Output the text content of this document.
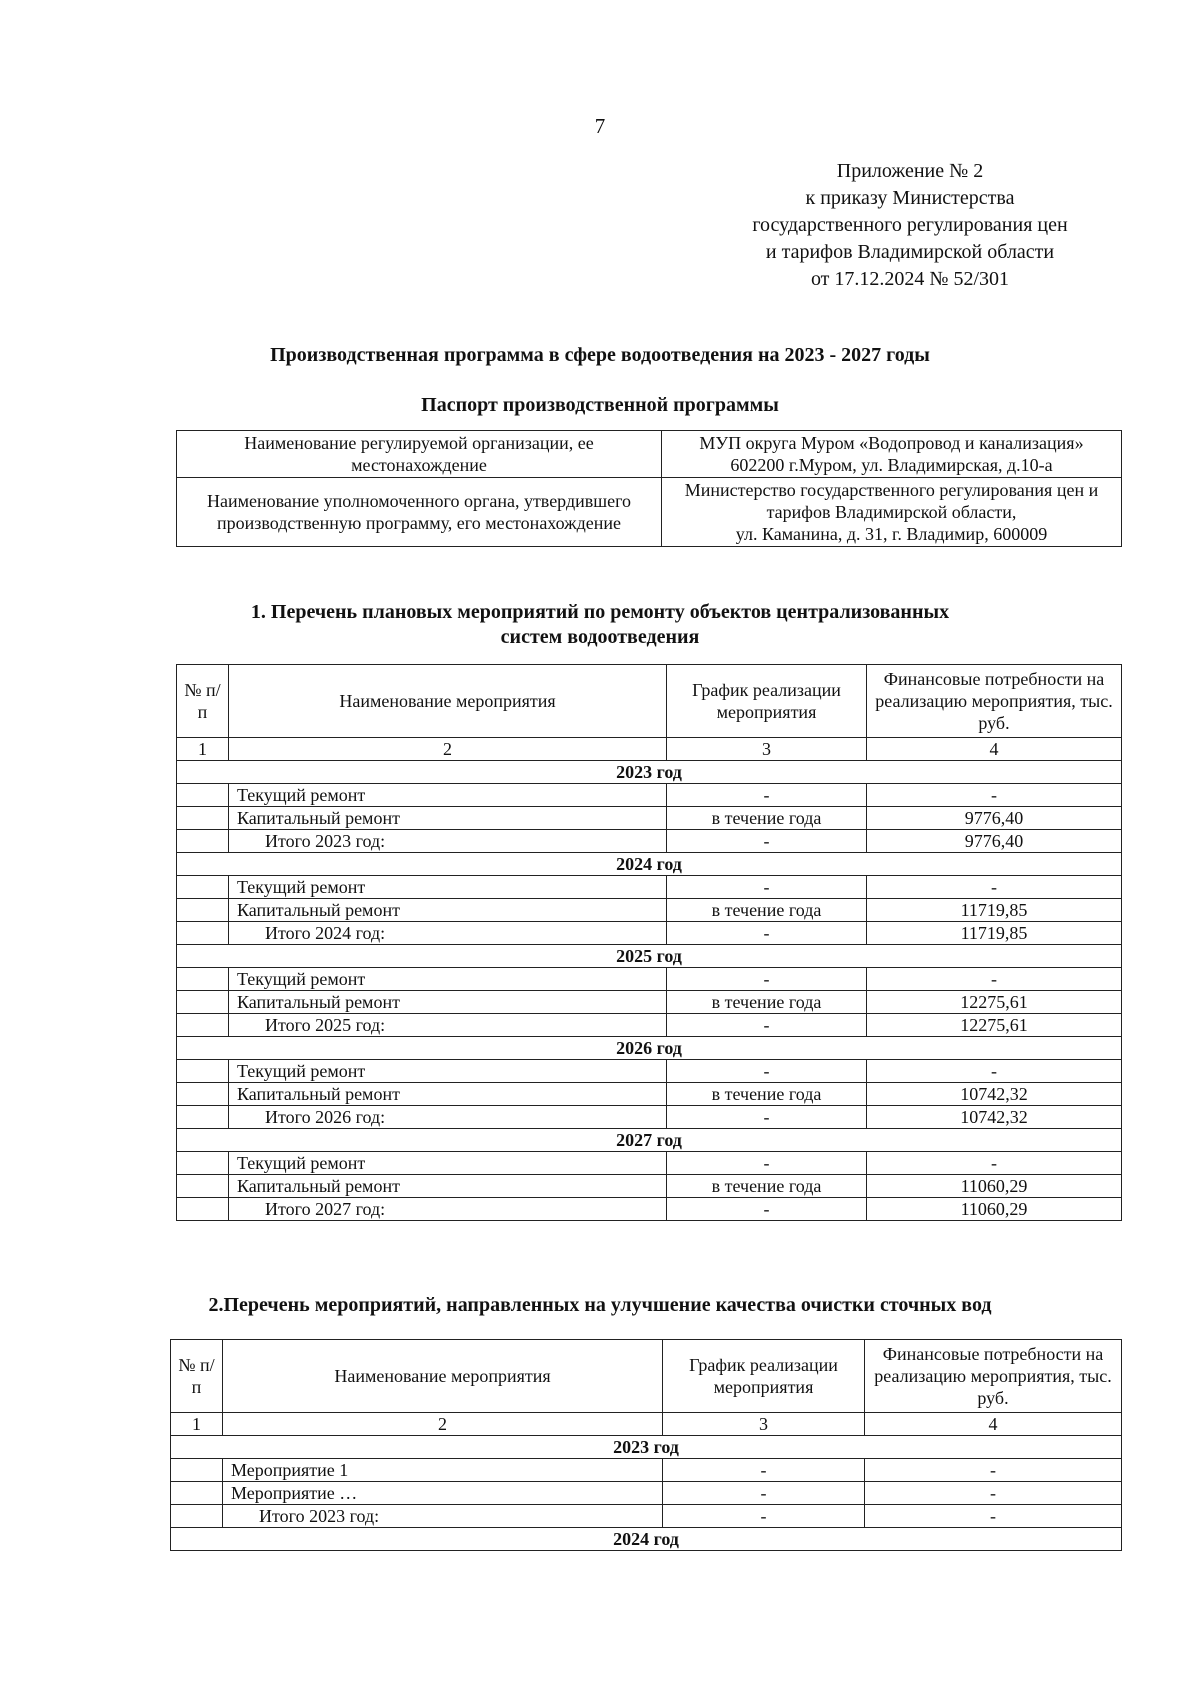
7
Приложение № 2
к приказу Министерства
государственного регулирования цен
и тарифов Владимирской области
от 17.12.2024 № 52/301
Производственная программа в сфере водоотведения на 2023 - 2027 годы
Паспорт производственной программы
Наименование регулируемой организации, ее местонахождение	МУП округа Муром «Водопровод и канализация»
602200 г.Муром, ул. Владимирская, д.10-а

Наименование уполномоченного органа, утвердившего производственную программу, его местонахождение	Министерство государственного регулирования цен и тарифов Владимирской области,
ул. Каманина, д. 31, г. Владимир, 600009
1. Перечень плановых мероприятий по ремонту объектов централизованных
систем водоотведения
№ п/п	Наименование мероприятия	График реализации мероприятия	Финансовые потребности на реализацию мероприятия, тыс. руб.
1	2	3	4
2023 год			
	Текущий ремонт	-	-
	Капитальный ремонт	в течение года	9776,40
	Итого 2023 год:	-	9776,40
2024 год			
	Текущий ремонт	-	-
	Капитальный ремонт	в течение года	11719,85
	Итого 2024 год:	-	11719,85
2025 год			
	Текущий ремонт	-	-
	Капитальный ремонт	в течение года	12275,61
	Итого 2025 год:	-	12275,61
2026 год			
	Текущий ремонт	-	-
	Капитальный ремонт	в течение года	10742,32
	Итого 2026 год:	-	10742,32
2027 год			
	Текущий ремонт	-	-
	Капитальный ремонт	в течение года	11060,29
	Итого 2027 год:	-	11060,29
2.Перечень мероприятий, направленных на улучшение качества очистки сточных вод
№ п/п	Наименование мероприятия	График реализации мероприятия	Финансовые потребности на реализацию мероприятия, тыс. руб.
1	2	3	4
2023 год			
	Мероприятие 1	-	-
	Мероприятие …	-	-
	Итого 2023 год:	-	-
2024 год			
